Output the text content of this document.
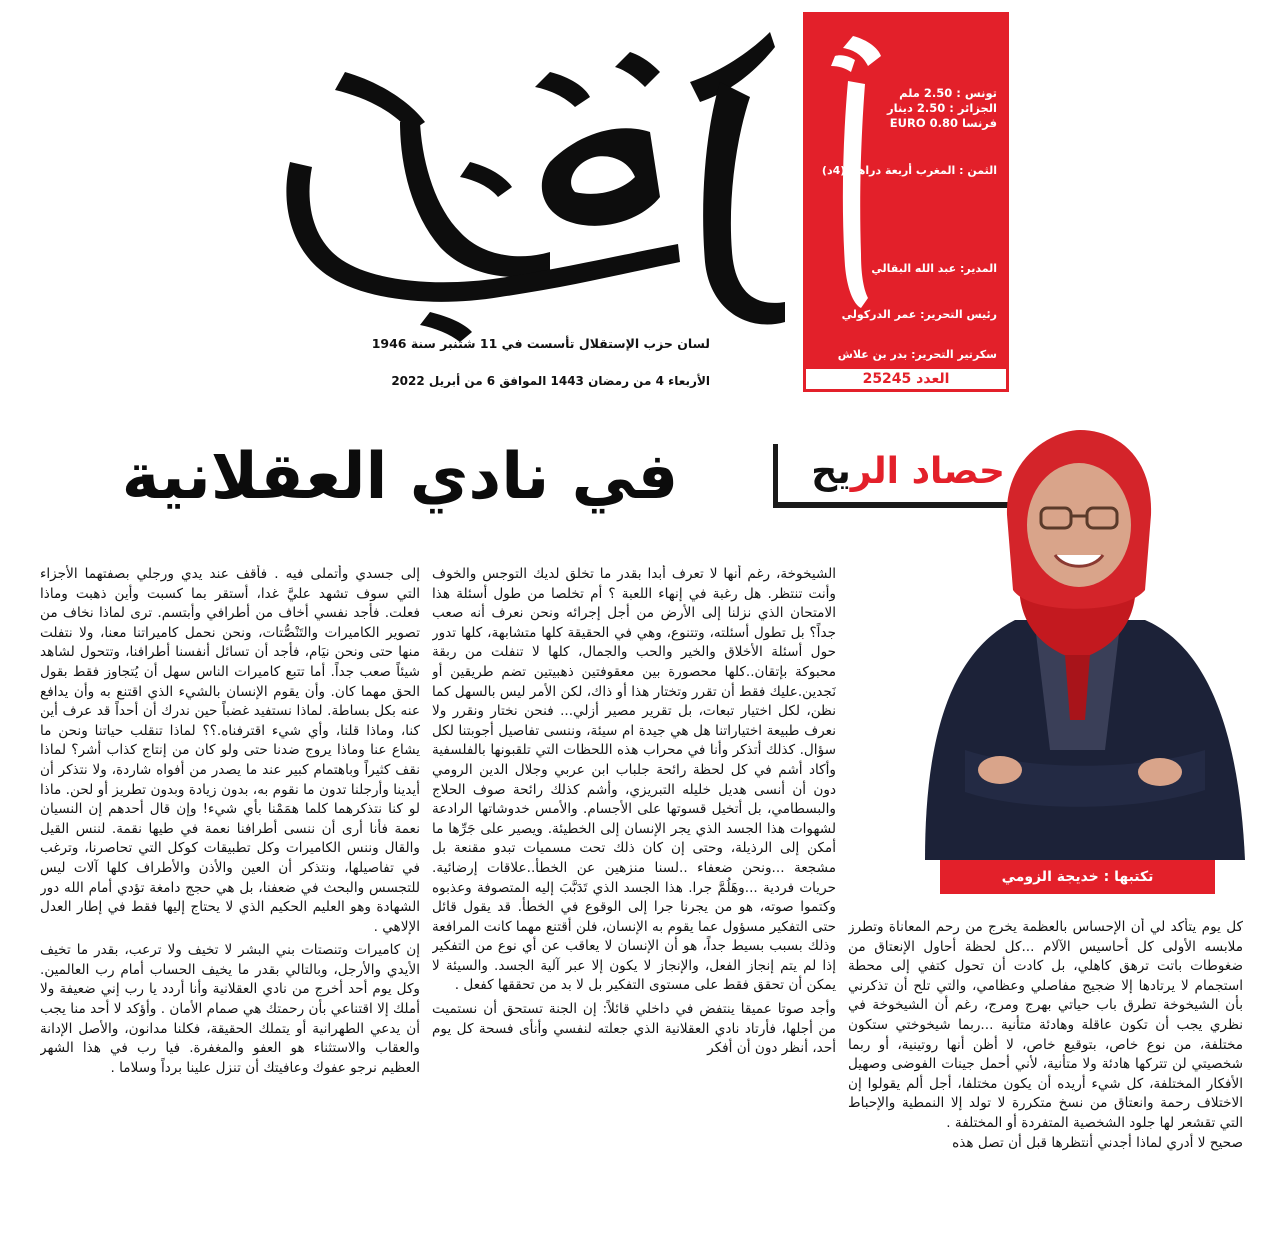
لسان حزب الإستقلال تأسست في 11 شتنبر سنة 1946
الأربعاء 4 من رمضان 1443 الموافق 6 من أبريل 2022
تونس : 2.50 ملم
الجزائر : 2.50 دينار
فرنسا EURO 0.80
الثمن : المغرب أربعة دراهم (4د)
المدير: عبد الله البقالي
رئيس التحرير: عمر الدركولي
سكرتير التحرير: بدر بن علاش
العدد 25245
في نادي العقلانية	حصاد الريح
تكتبها : خديجة الزومي

إلى جسدي وأتملى فيه . فأقف عند يدي ورجلي بصفتهما الأجزاء التي سوف تشهد عليَّ غدا، أستقر بما كسبت وأين ذهبت وماذا فعلت. فأجد نفسي أخاف من أطرافي وأبتسم. ترى لماذا نخاف من تصوير الكاميرات والتَنْصُّتات، ونحن نحمل كاميراتنا معنا، ولا نتفلت منها حتى ونحن نيَام، فأجد أن تسائل أنفسنا أطرافنا، وتتحول لشاهد شيئاً صعب جداً. أما تتبع كاميرات الناس سهل أن يُتجاوز فقط بقول الحق مهما كان. وأن يقوم الإنسان بالشيء الذي اقتنع به وأن يدافع عنه بكل بساطة. لماذا نستفيد غضباً حين ندرك أن أحداً قد عرف أين كنا، وماذا قلنا، وأي شيء اقترفناه.؟؟ لماذا تنقلب حياتنا ونحن ما يشاع عنا وماذا يروج ضدنا حتى ولو كان من إنتاج كذاب أشر؟ لماذا نقف كثيراً وباهتمام كبير عند ما يصدر من أفواه شاردة، ولا نتذكر أن أيدينا وأرجلنا تدون ما نقوم به، بدون زيادة وبدون تطريز أو لحن. ماذا لو كنا نتذكرهما كلما همَمْنا بأي شيء! وإن قال أحدهم إن النسيان نعمة فأنا أرى أن ننسى أطرافنا نعمة في طيها نقمة. لننس القيل والقال وننس الكاميرات وكل تطبيقات كوكل التي تحاصرنا، وترغب في تفاصيلها، ونتذكر أن العين والأذن والأطراف كلها آلات ليس للتجسس والبحث في ضعفنا، بل هي حجج دامغة تؤدي أمام الله دور الشهادة وهو العليم الحكيم الذي لا يحتاج إليها فقط في إطار العدل الإلاهي .

إن كاميرات وتنصتات بني البشر لا تخيف ولا ترعب، بقدر ما تخيف الأيدي والأرجل، وبالتالي بقدر ما يخيف الحساب أمام رب العالمين. وكل يوم أحد أخرج من نادي العقلانية وأنا أردد يا رب إني ضعيفة ولا أملك إلا اقتناعي بأن رحمتك هي صمام الأمان . وأؤكد لا أحد منا يجب أن يدعي الطهرانية أو يتملك الحقيقة، فكلنا مدانون، والأصل الإدانة والعقاب والاستثناء هو العفو والمغفرة. فيا رب في هذا الشهر العظيم نرجو عفوك وعافيتك أن تنزل علينا برداً وسلاما .

الشيخوخة، رغم أنها لا تعرف أبدا بقدر ما تخلق لديك التوجس والخوف وأنت تنتظر. هل رغبة في إنهاء اللعبة ؟ أم تخلصا من طول أسئلة هذا الامتحان الذي نزلنا إلى الأرض من أجل إجرائه ونحن نعرف أنه صعب جداً؟ بل تطول أسئلته، وتتنوع، وهي في الحقيقة كلها متشابهة، كلها تدور حول أسئلة الأخلاق والخير والحب والجمال، كلها لا تنفلت من ربقة محبوكة بإتقان..كلها محصورة بين معقوفتين ذهبيتين تضم طريقين أو نَجدين.عليك فقط أن تقرر وتختار هذا أو ذاك، لكن الأمر ليس بالسهل كما نظن، لكل اختيار تبعات، بل تقرير مصير أزلي... فنحن نختار ونقرر ولا نعرف طبيعة اختياراتنا هل هي جيدة ام سيئة، وننسى تفاصيل أجوبتنا لكل سؤال. كذلك أتذكر وأنا في محراب هذه اللحظات التي تلقبونها بالفلسفية وأكاد أشم في كل لحظة رائحة جلباب ابن عربي وجلال الدين الرومي دون أن أنسى هديل خليله التبريزي، وأشم كذلك رائحة صوف الحلاج والبسطامي، بل أتخيل قسوتها على الأجسام. والأمس خدوشاتها الرادعة لشهوات هذا الجسد الذي يجر الإنسان إلى الخطيئة. ويصير على جَرِّها ما أمكن إلى الرذيلة، وحتى إن كان ذلك تحت مسميات تبدو مقنعة بل مشجعة ...ونحن ضعفاء ..لسنا منزهين عن الخطأ..علاقات إرضائية. حريات فردية ...وهَلُمَّ جرا. هذا الجسد الذي تَدَبَّبَ إليه المتصوفة وعذبوه وكتموا صوته، هو من يجرنا جرا إلى الوقوع في الخطأ. قد يقول قائل حتى التفكير مسؤول عما يقوم به الإنسان، فلن أقتنع مهما كانت المرافعة وذلك بسبب بسيط جداً، هو أن الإنسان لا يعاقب عن أي نوع من التفكير إذا لم يتم إنجاز الفعل، والإنجاز لا يكون إلا عبر آلية الجسد. والسيئة لا يمكن أن تحقق فقط على مستوى التفكير بل لا بد من تحققها كفعل .

وأجد صوتا عميقا ينتفض في داخلي قائلاً: إن الجنة تستحق أن نستميت من أجلها، فأرتاد نادي العقلانية الذي جعلته لنفسي وأنأى فسحة كل يوم أحد، أنظر دون أن أفكر

كل يوم يتأكد لي أن الإحساس بالعظمة يخرج من رحم المعاناة وتطرز ملابسه الأولى كل أحاسيس الآلام ...كل لحظة أحاول الإنعتاق من ضغوطات باتت ترهق كاهلي، بل كادت أن تحول كتفي إلى محطة استجمام لا يرتادها إلا ضجيج مفاصلي وعظامي، والتي تلح أن تذكرني بأن الشيخوخة تطرق باب حياتي بهرج ومرج، رغم أن الشيخوخة في نظري يجب أن تكون عاقلة وهادئة متأنية ...ربما شيخوختي ستكون مختلفة، من نوع خاص، بتوقيع خاص، لا أظن أنها روتينية، أو ربما شخصيتي لن تتركها هادئة ولا متأنية، لأني أحمل جينات الفوضى وصهيل الأفكار المختلفة، كل شيء أريده أن يكون مختلفا، أجل ألم يقولوا إن الاختلاف رحمة وانعتاق من نسخ متكررة لا تولد إلا النمطية والإحباط التي تقشعر لها جلود الشخصية المتفردة أو المختلفة .

صحيح لا أدري لماذا أجدني أنتظرها قبل أن تصل هذه
